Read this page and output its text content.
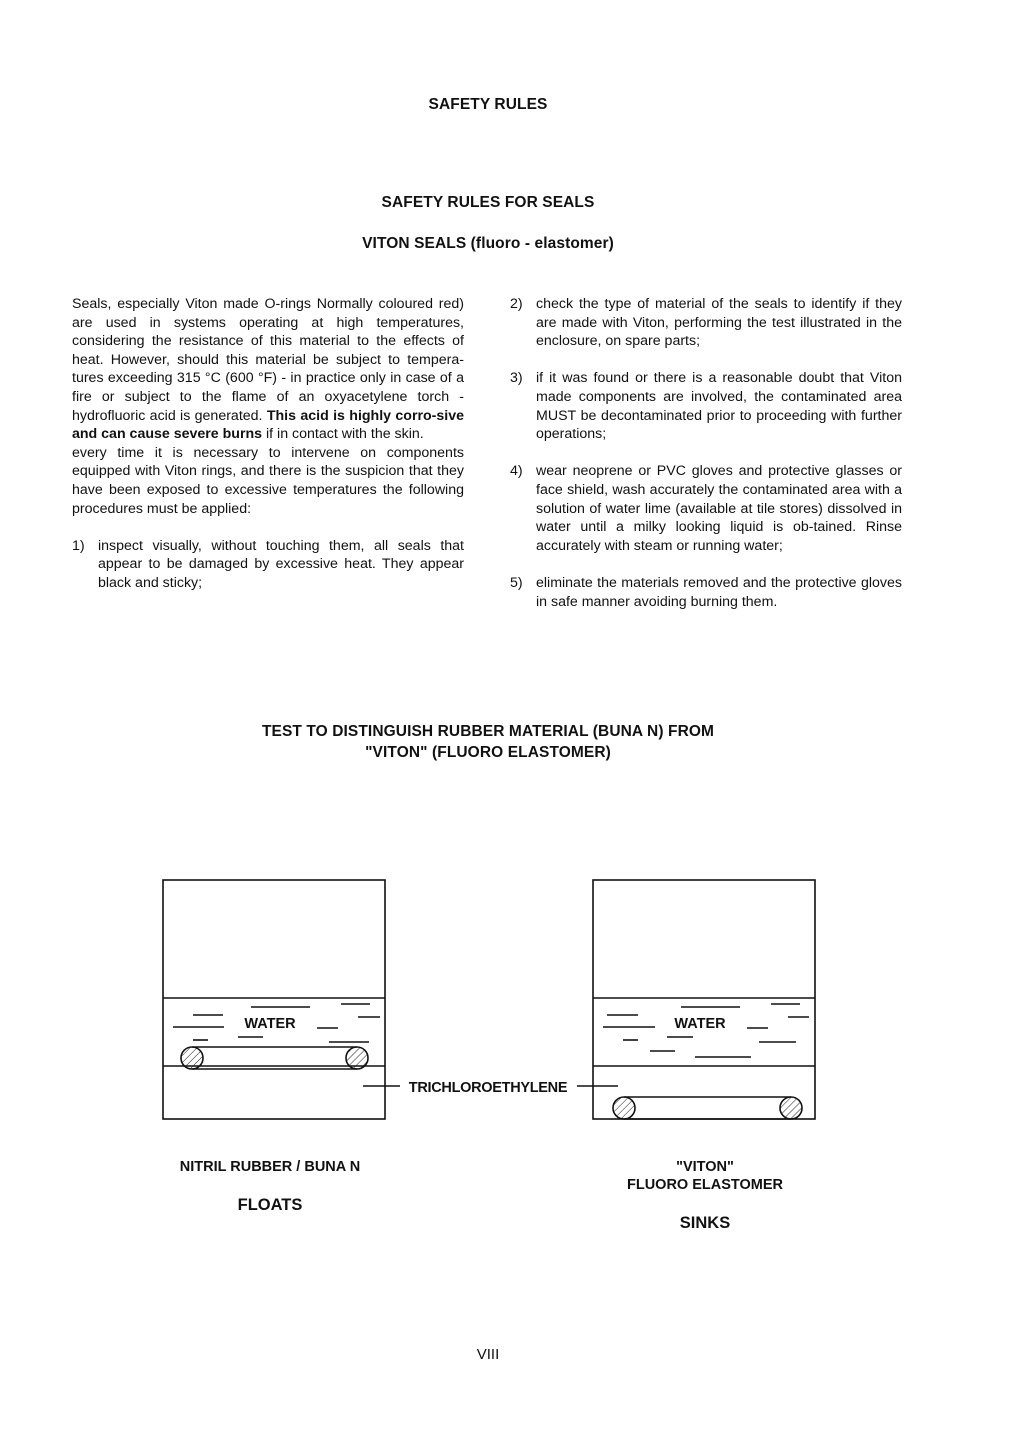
SAFETY RULES
SAFETY RULES FOR SEALS
VITON SEALS (fluoro - elastomer)

Seals, especially Viton made O-rings Normally coloured red) are used in systems operating at high temperatures, considering the resistance of this material to the effects of heat. However, should this material be subject to tempera-tures exceeding 315 °C (600 °F) - in practice only in case of a fire or subject to the flame of an oxyacetylene torch - hydrofluoric acid is generated. This acid is highly corro-sive and can cause severe burns if in contact with the skin.

every time it is necessary to intervene on components equipped with Viton rings, and there is the suspicion that they have been exposed to excessive temperatures the following procedures must be applied:

1) inspect visually, without touching them, all seals that appear to be damaged by excessive heat. They appear black and sticky;
2) check the type of material of the seals to identify if they are made with Viton, performing the test illustrated in the enclosure, on spare parts;
3) if it was found or there is a reasonable doubt that Viton made components are involved, the contaminated area MUST be decontaminated prior to proceeding with further operations;
4) wear neoprene or PVC gloves and protective glasses or face shield, wash accurately the contaminated area with a solution of water lime (available at tile stores) dissolved in water until a milky looking liquid is ob-tained. Rinse accurately with steam or running water;
5) eliminate the materials removed and the protective gloves in safe manner avoiding burning them.
TEST TO DISTINGUISH RUBBER MATERIAL (BUNA N) FROM
"VITON" (FLUORO ELASTOMER)
WATER	WATER
TRICHLOROETHYLENE
NITRIL RUBBER / BUNA N
FLOATS
"VITON"
FLUORO ELASTOMER
SINKS
VIII
